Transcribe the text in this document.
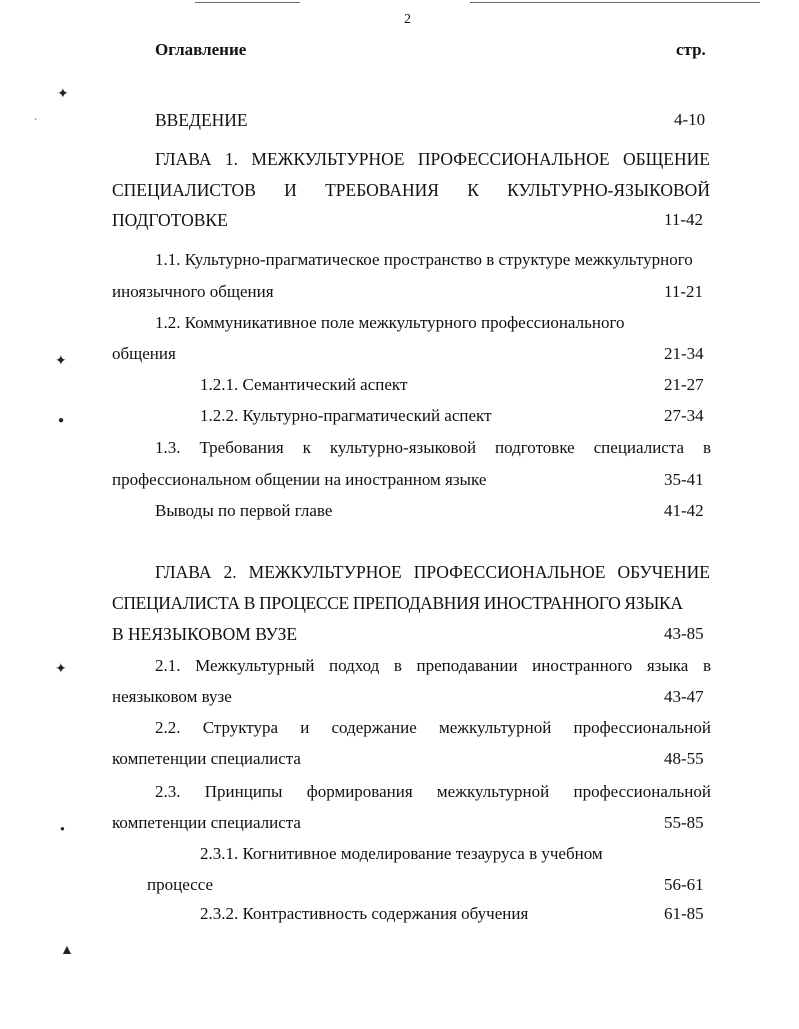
2
Оглавление	стр.
ВВЕДЕНИЕ	4-10
ГЛАВА 1. МЕЖКУЛЬТУРНОЕ ПРОФЕССИОНАЛЬНОЕ ОБЩЕНИЕ
СПЕЦИАЛИСТОВ И ТРЕБОВАНИЯ К КУЛЬТУРНО-ЯЗЫКОВОЙ
ПОДГОТОВКЕ	11-42
1.1. Культурно-прагматическое пространство в структуре межкультурного
иноязычного общения	11-21
1.2. Коммуникативное поле межкультурного профессионального
общения	21-34
1.2.1. Семантический аспект	21-27
1.2.2. Культурно-прагматический аспект	27-34
1.3. Требования к культурно-языковой подготовке специалиста в
профессиональном общении на иностранном языке	35-41
Выводы по первой главе	41-42
ГЛАВА 2. МЕЖКУЛЬТУРНОЕ ПРОФЕССИОНАЛЬНОЕ ОБУЧЕНИЕ
СПЕЦИАЛИСТА В ПРОЦЕССЕ ПРЕПОДАВНИЯ ИНОСТРАННОГО ЯЗЫКА
В НЕЯЗЫКОВОМ ВУЗЕ	43-85
2.1. Межкультурный подход в преподавании иностранного языка в
неязыковом вузе	43-47
2.2. Структура и содержание межкультурной профессиональной
компетенции специалиста	48-55
2.3. Принципы формирования межкультурной профессиональной
компетенции специалиста	55-85
2.3.1. Когнитивное моделирование тезауруса в учебном
процессе	56-61
2.3.2. Контрастивность содержания обучения	61-85
✦
ˊ
✦
●
✦
●
▲
